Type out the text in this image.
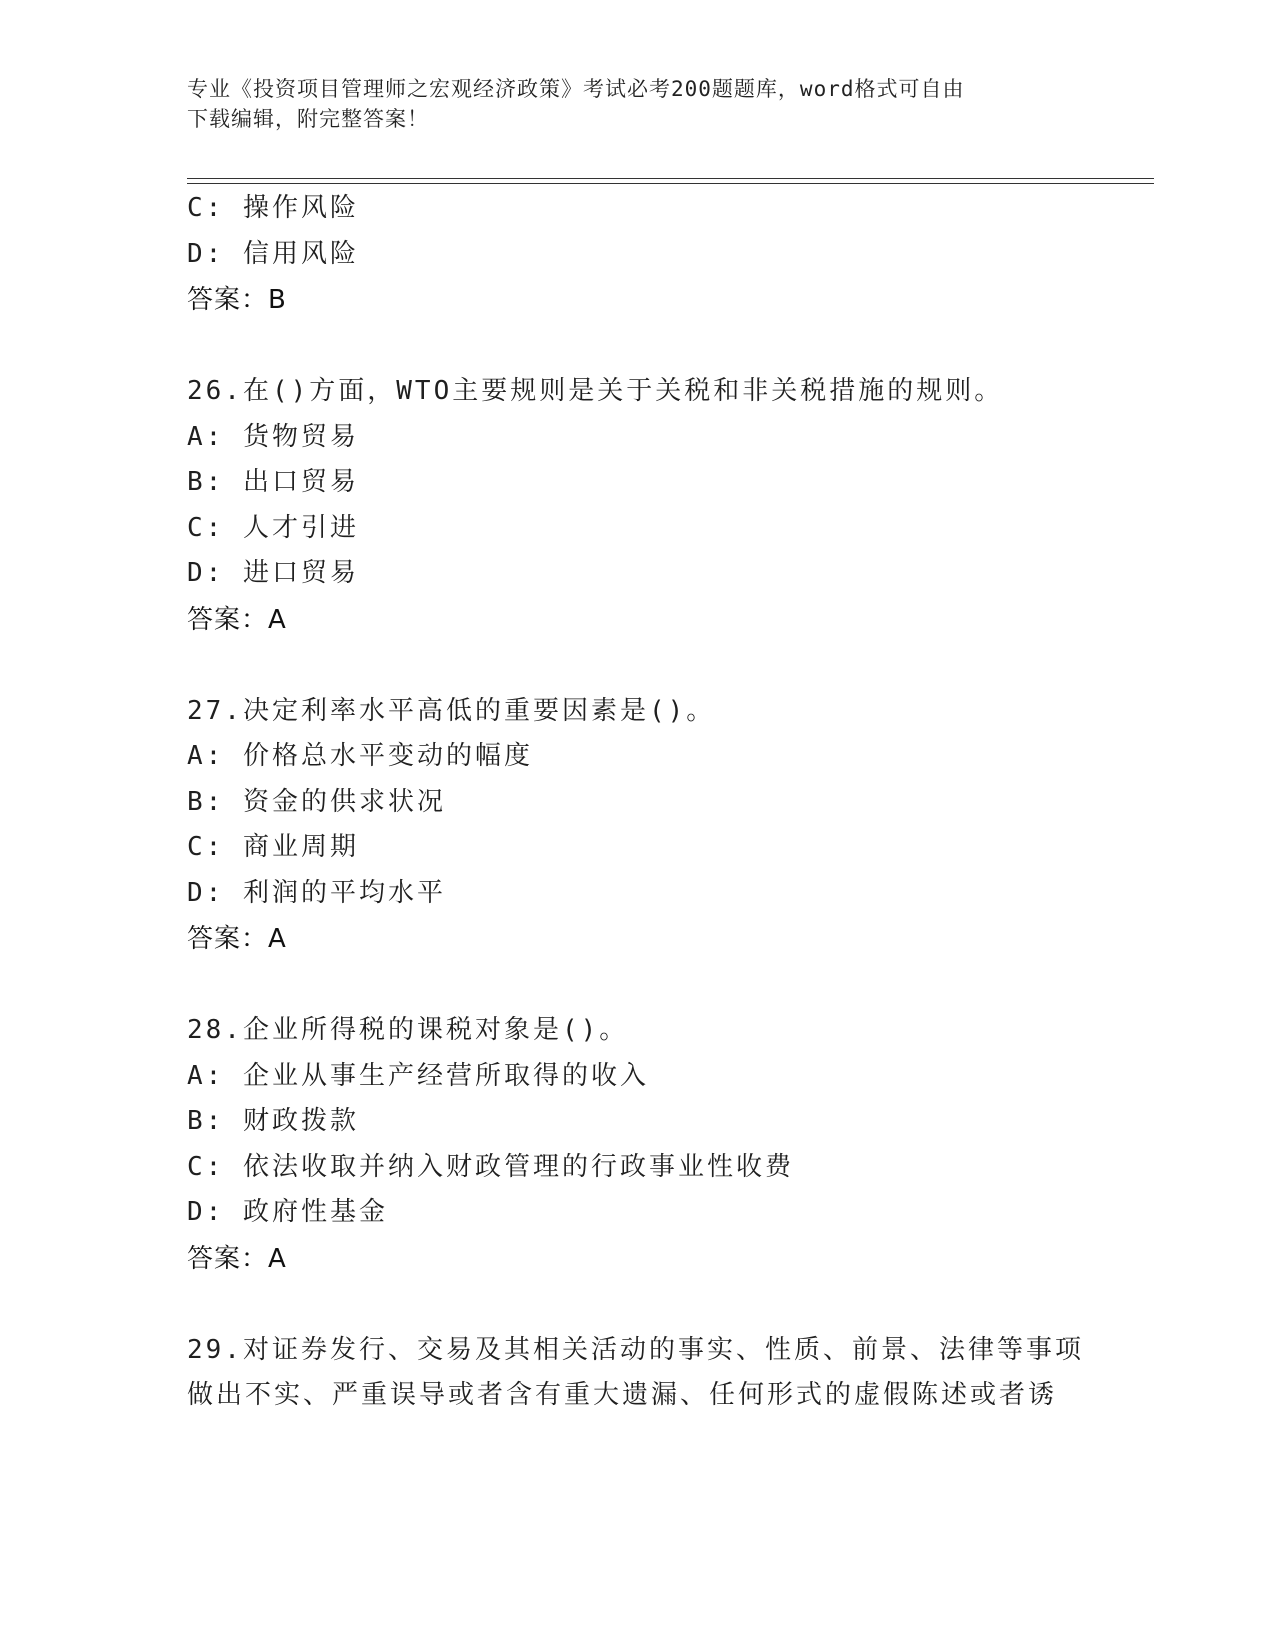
专业《投资项目管理师之宏观经济政策》考试必考200题题库，word格式可自由
下载编辑，附完整答案！
C: 操作风险
D: 信用风险
答案：B
26.在()方面，WTO主要规则是关于关税和非关税措施的规则。
A: 货物贸易
B: 出口贸易
C: 人才引进
D: 进口贸易
答案：A
27.决定利率水平高低的重要因素是()。
A: 价格总水平变动的幅度
B: 资金的供求状况
C: 商业周期
D: 利润的平均水平
答案：A
28.企业所得税的课税对象是()。
A: 企业从事生产经营所取得的收入
B: 财政拨款
C: 依法收取并纳入财政管理的行政事业性收费
D: 政府性基金
答案：A
29.对证券发行、交易及其相关活动的事实、性质、前景、法律等事项
做出不实、严重误导或者含有重大遗漏、任何形式的虚假陈述或者诱
